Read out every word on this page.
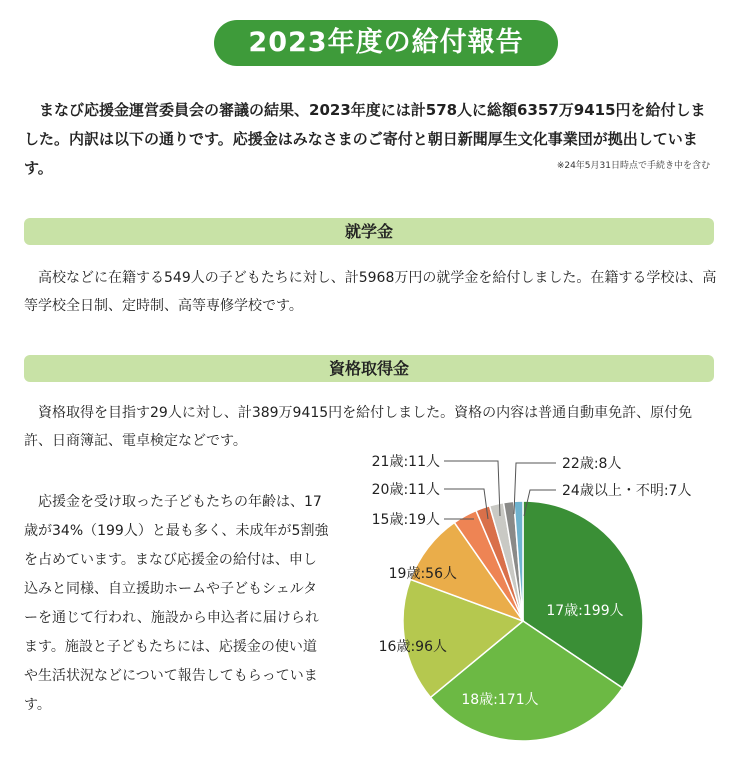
2023年度の給付報告

まなび応援金運営委員会の審議の結果、2023年度には計578人に総額6357万9415円を給付しました。内訳は以下の通りです。応援金はみなさまのご寄付と朝日新聞厚生文化事業団が拠出しています。	※24年5月31日時点で手続き中を含む
就学金

高校などに在籍する549人の子どもたちに対し、計5968万円の就学金を給付しました。在籍する学校は、高等学校全日制、定時制、高等専修学校です。

資格取得金

資格取得を目指す29人に対し、計389万9415円を給付しました。資格の内容は普通自動車免許、原付免許、日商簿記、電卓検定などです。

応援金を受け取った子どもたちの年齢は、17歳が34%（199人）と最も多く、未成年が5割強を占めています。まなび応援金の給付は、申し込みと同様、自立援助ホームや子どもシェルターを通じて行われ、施設から申込者に届けられます。施設と子どもたちには、応援金の使い道や生活状況などについて報告してもらっています。

17歳:199人
18歳:171人
16歳:96人
19歳:56人
15歳:19人
20歳:11人
21歳:11人	22歳:8人
24歳以上・不明:7人
